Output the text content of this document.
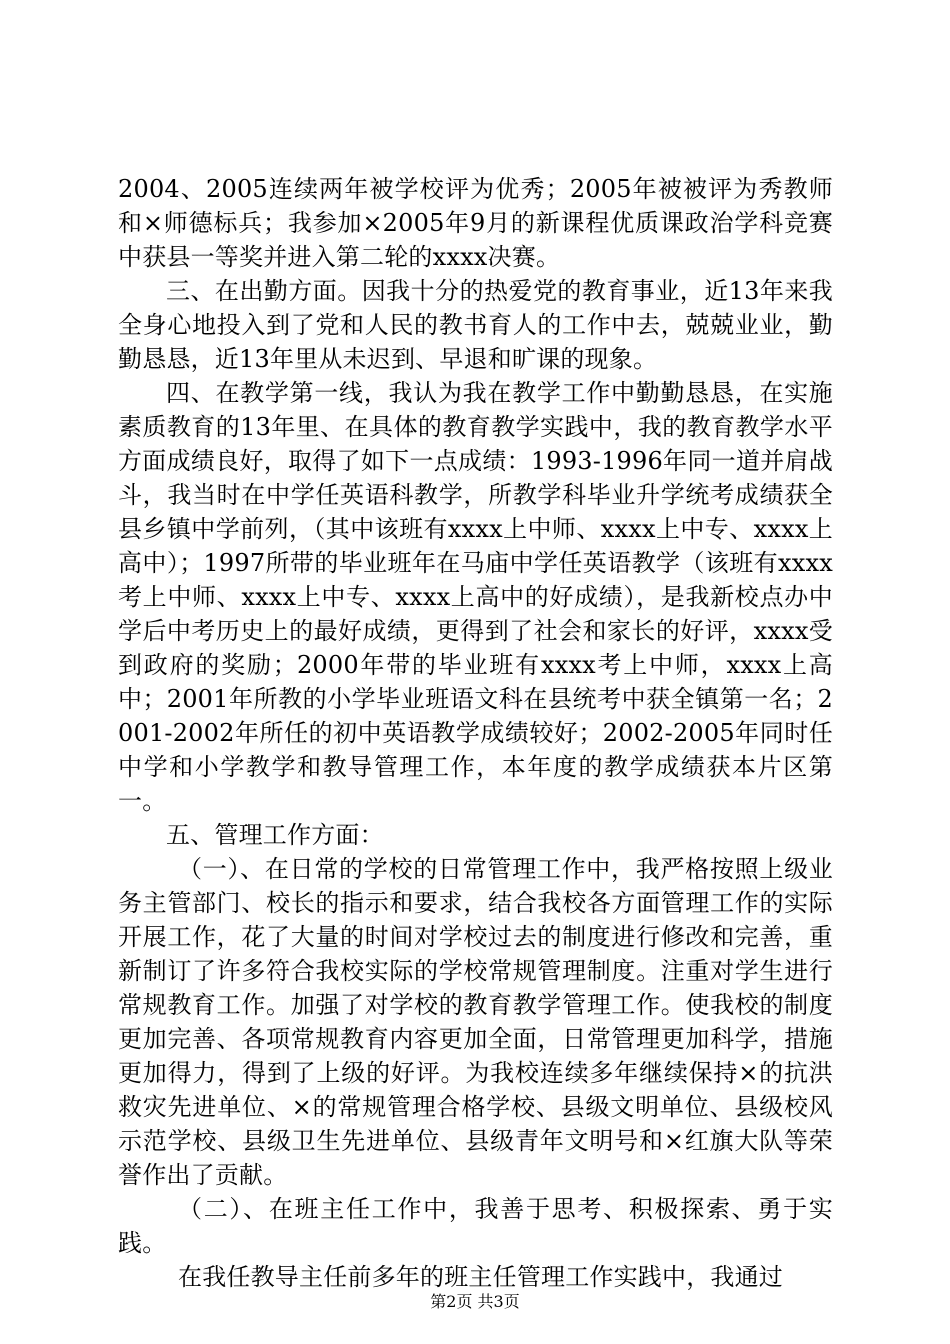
2004、2005连续两年被学校评为优秀；2005年被被评为秀教师和×师德标兵；我参加×2005年9月的新课程优质课政治学科竞赛中获县一等奖并进入第二轮的xxxx决赛。

三、在出勤方面。因我十分的热爱党的教育事业，近13年来我全身心地投入到了党和人民的教书育人的工作中去，兢兢业业，勤勤恳恳，近13年里从未迟到、早退和旷课的现象。

四、在教学第一线，我认为我在教学工作中勤勤恳恳，在实施素质教育的13年里、在具体的教育教学实践中，我的教育教学水平方面成绩良好，取得了如下一点成绩：1993-1996年同一道并肩战斗，我当时在中学任英语科教学，所教学科毕业升学统考成绩获全县乡镇中学前列，（其中该班有xxxx上中师、xxxx上中专、xxxx上高中）；1997所带的毕业班年在马庙中学任英语教学（该班有xxxx考上中师、xxxx上中专、xxxx上高中的好成绩），是我新校点办中学后中考历史上的最好成绩，更得到了社会和家长的好评，xxxx受到政府的奖励；2000年带的毕业班有xxxx考上中师，xxxx上高中；2001年所教的小学毕业班语文科在县统考中获全镇第一名；2001-2002年所任的初中英语教学成绩较好；2002-2005年同时任中学和小学教学和教导管理工作，本年度的教学成绩获本片区第一。

五、管理工作方面：

（一）、在日常的学校的日常管理工作中，我严格按照上级业务主管部门、校长的指示和要求，结合我校各方面管理工作的实际开展工作，花了大量的时间对学校过去的制度进行修改和完善，重新制订了许多符合我校实际的学校常规管理制度。注重对学生进行常规教育工作。加强了对学校的教育教学管理工作。使我校的制度更加完善、各项常规教育内容更加全面，日常管理更加科学，措施更加得力，得到了上级的好评。为我校连续多年继续保持×的抗洪救灾先进单位、×的常规管理合格学校、县级文明单位、县级校风示范学校、县级卫生先进单位、县级青年文明号和×红旗大队等荣誉作出了贡献。

（二）、在班主任工作中，我善于思考、积极探索、勇于实践。

在我任教导主任前多年的班主任管理工作实践中，我通过

第2页 共3页
